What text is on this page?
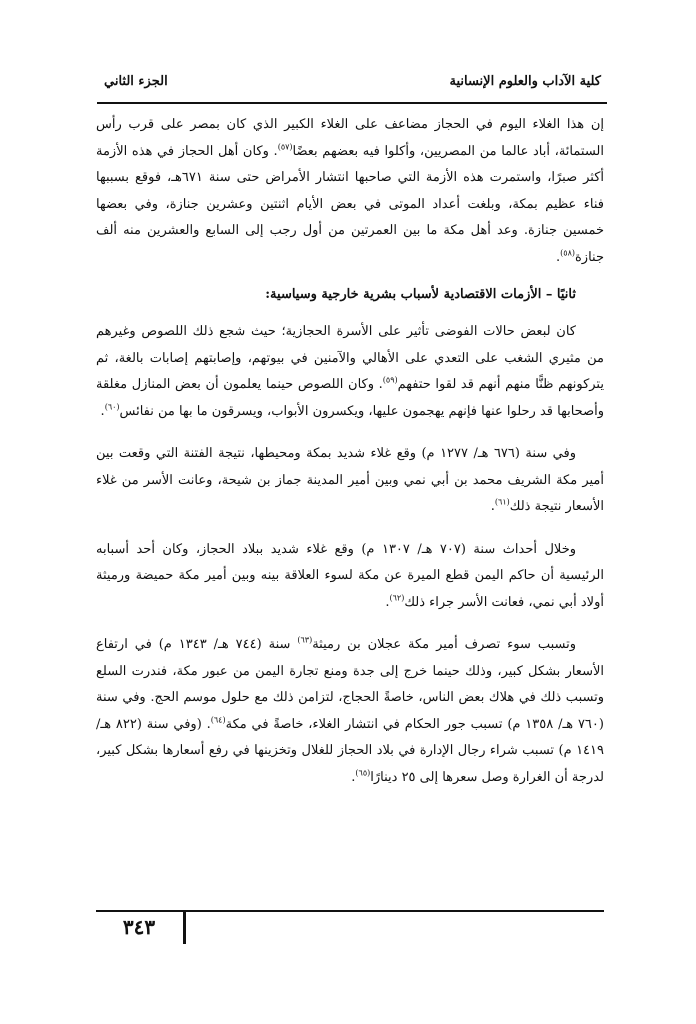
كلية الآداب والعلوم الإنسانية
الجزء الثاني

إن هذا الغلاء اليوم في الحجاز مضاعف على الغلاء الكبير الذي كان بمصر على قرب رأس الستمائة، أباد عالما من المصريين، وأكلوا فيه بعضهم بعضًا$^{(٥٧)}$. وكان أهل الحجاز في هذه الأزمة أكثر صبرًا، واستمرت هذه الأزمة التي صاحبها انتشار الأمراض حتى سنة ٦٧١هـ، فوقع بسببها فناء عظيم بمكة، وبلغت أعداد الموتى في بعض الأيام اثنتين وعشرين جنازة، وفي بعضها خمسين جنازة. وعد أهل مكة ما بين العمرتين من أول رجب إلى السابع والعشرين منه ألف جنازة$^{(٥٨)}$.

ثانيًا – الأزمات الاقتصادية لأسباب بشرية خارجية وسياسية:

كان لبعض حالات الفوضى تأثير على الأسرة الحجازية؛ حيث شجع ذلك اللصوص وغيرهم من مثيري الشغب على التعدي على الأهالي والآمنين في بيوتهم، وإصابتهم إصابات بالغة، ثم يتركونهم ظنًّا منهم أنهم قد لقوا حتفهم$^{(٥٩)}$. وكان اللصوص حينما يعلمون أن بعض المنازل مغلقة وأصحابها قد رحلوا عنها فإنهم يهجمون عليها، ويكسرون الأبواب، ويسرقون ما بها من نفائس$^{(٦٠)}$.

وفي سنة (٦٧٦ هـ/ ١٢٧٧ م) وقع غلاء شديد بمكة ومحيطها، نتيجة الفتنة التي وقعت بين أمير مكة الشريف محمد بن أبي نمي وبين أمير المدينة جماز بن شيحة، وعانت الأسر من غلاء الأسعار نتيجة ذلك$^{(٦١)}$.

وخلال أحداث سنة (٧٠٧ هـ/ ١٣٠٧ م) وقع غلاء شديد ببلاد الحجاز، وكان أحد أسبابه الرئيسية أن حاكم اليمن قطع الميرة عن مكة لسوء العلاقة بينه وبين أمير مكة حميضة ورميثة أولاد أبي نمي، فعانت الأسر جراء ذلك$^{(٦٢)}$.

وتسبب سوء تصرف أمير مكة عجلان بن رميثة$^{(٦٣)}$ سنة (٧٤٤ هـ/ ١٣٤٣ م) في ارتفاع الأسعار بشكل كبير، وذلك حينما خرج إلى جدة ومنع تجارة اليمن من عبور مكة، فندرت السلع وتسبب ذلك في هلاك بعض الناس، خاصةً الحجاج، لتزامن ذلك مع حلول موسم الحج. وفي سنة (٧٦٠ هـ/ ١٣٥٨ م) تسبب جور الحكام في انتشار الغلاء، خاصةً في مكة$^{(٦٤)}$. (وفي سنة (٨٢٢ هـ/ ١٤١٩ م) تسبب شراء رجال الإدارة في بلاد الحجاز للغلال وتخزينها في رفع أسعارها بشكل كبير، لدرجة أن الغرارة وصل سعرها إلى ٢٥ دينارًا$^{(٦٥)}$.

٣٤٣
